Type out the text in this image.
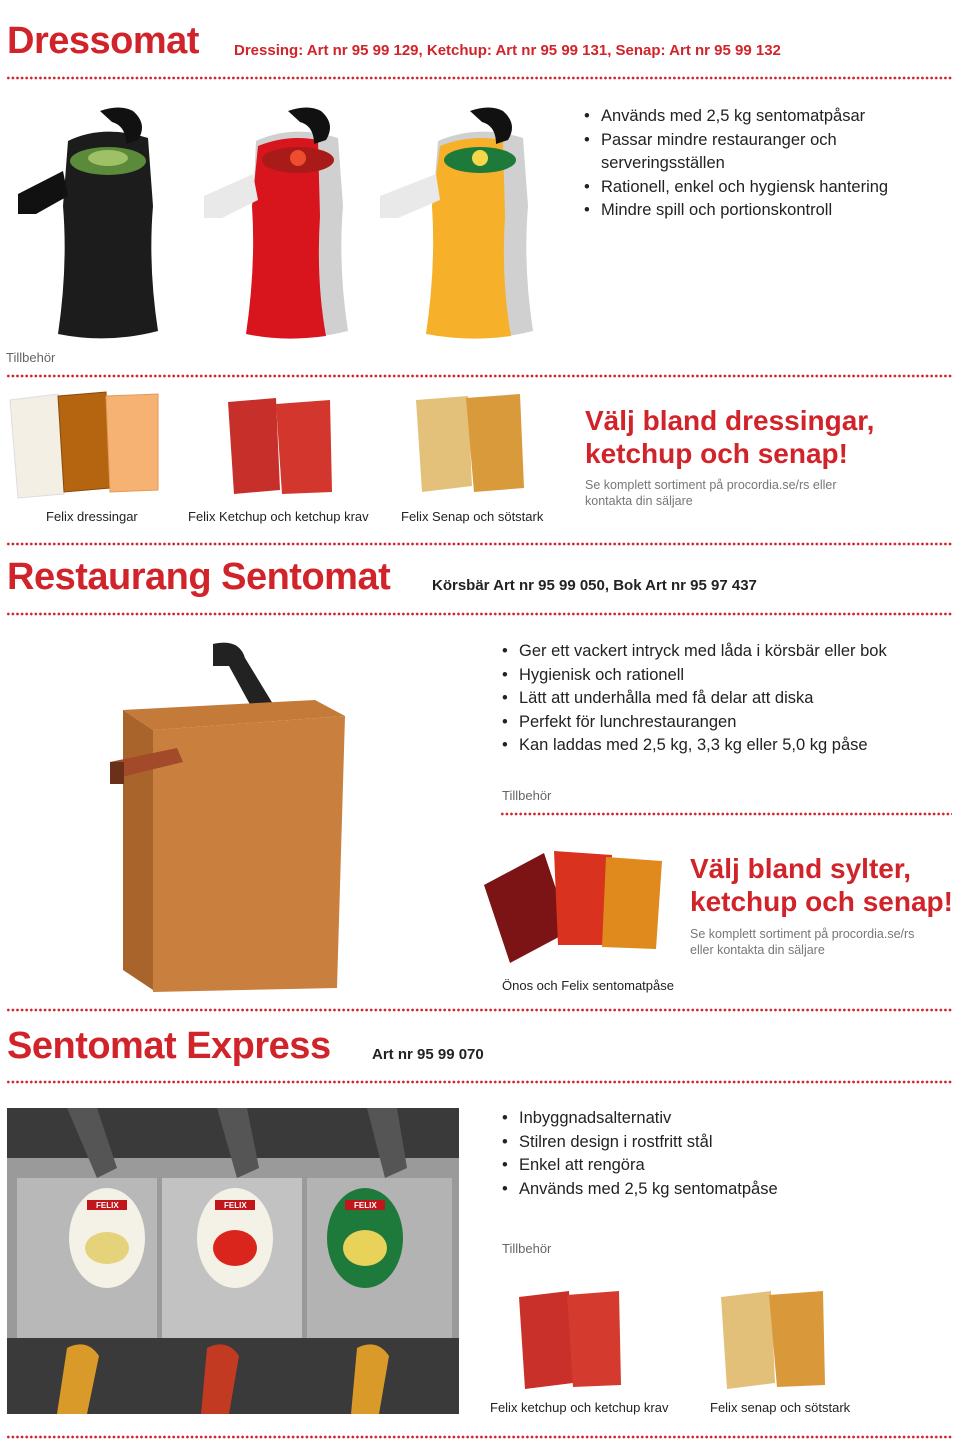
Dressomat Dressing: Art nr 95 99 129, Ketchup: Art nr 95 99 131, Senap: Art nr 95 99 132
• Används med 2,5 kg sentomatpåsar
• Passar mindre restauranger och serveringsställen
• Rationell, enkel och hygiensk hantering
• Mindre spill och portionskontroll
Tillbehör
Felix dressingar	Felix Ketchup och ketchup krav Felix Senap och sötstark
Välj bland dressingar,
ketchup och senap!
Se komplett sortiment på procordia.se/rs eller
kontakta din säljare
Restaurang Sentomat	Körsbär Art nr 95 99 050, Bok Art nr 95 97 437
• Ger ett vackert intryck med låda i körsbär eller bok
• Hygienisk och rationell
• Lätt att underhålla med få delar att diska
• Perfekt för lunchrestaurangen
• Kan laddas med 2,5 kg, 3,3 kg eller 5,0 kg påse
Tillbehör
Önos och Felix sentomatpåse
Välj bland sylter,
ketchup och senap!
Se komplett sortiment på procordia.se/rs
eller kontakta din säljare
Sentomat Express	Art nr 95 99 070
FELIX	FELIX	FELIX
• Inbyggnadsalternativ
• Stilren design i rostfritt stål
• Enkel att rengöra
• Används med 2,5 kg sentomatpåse
Tillbehör
Felix ketchup och ketchup krav	Felix senap och sötstark
